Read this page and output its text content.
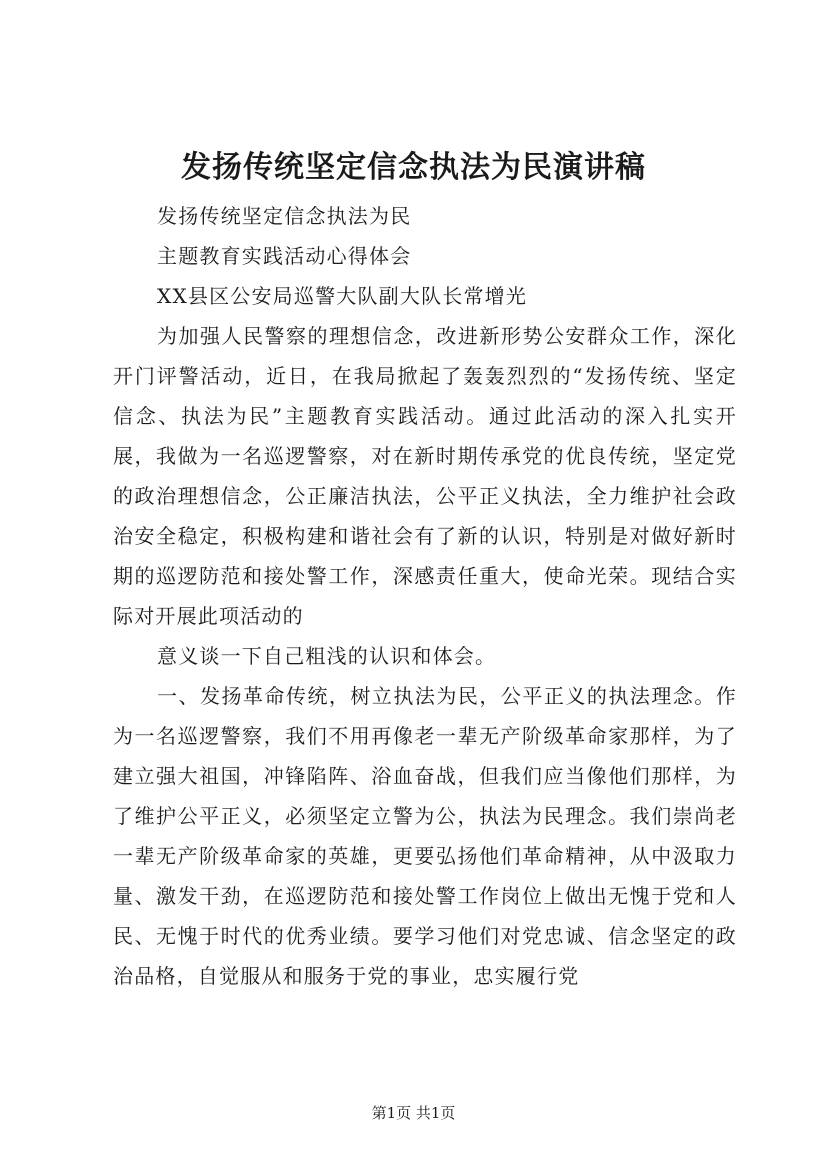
发扬传统坚定信念执法为民演讲稿

发扬传统坚定信念执法为民

主题教育实践活动心得体会

XX县区公安局巡警大队副大队长常增光

为加强人民警察的理想信念，改进新形势公安群众工作，深化开门评警活动，近日，在我局掀起了轰轰烈烈的“发扬传统、坚定信念、执法为民”主题教育实践活动。通过此活动的深入扎实开展，我做为一名巡逻警察，对在新时期传承党的优良传统，坚定党的政治理想信念，公正廉洁执法，公平正义执法，全力维护社会政治安全稳定，积极构建和谐社会有了新的认识，特别是对做好新时期的巡逻防范和接处警工作，深感责任重大，使命光荣。现结合实际对开展此项活动的

意义谈一下自己粗浅的认识和体会。

一、发扬革命传统，树立执法为民，公平正义的执法理念。作为一名巡逻警察，我们不用再像老一辈无产阶级革命家那样，为了建立强大祖国，冲锋陷阵、浴血奋战，但我们应当像他们那样，为了维护公平正义，必须坚定立警为公，执法为民理念。我们崇尚老一辈无产阶级革命家的英雄，更要弘扬他们革命精神，从中汲取力量、激发干劲，在巡逻防范和接处警工作岗位上做出无愧于党和人民、无愧于时代的优秀业绩。要学习他们对党忠诚、信念坚定的政治品格，自觉服从和服务于党的事业，忠实履行党

第1页 共1页
